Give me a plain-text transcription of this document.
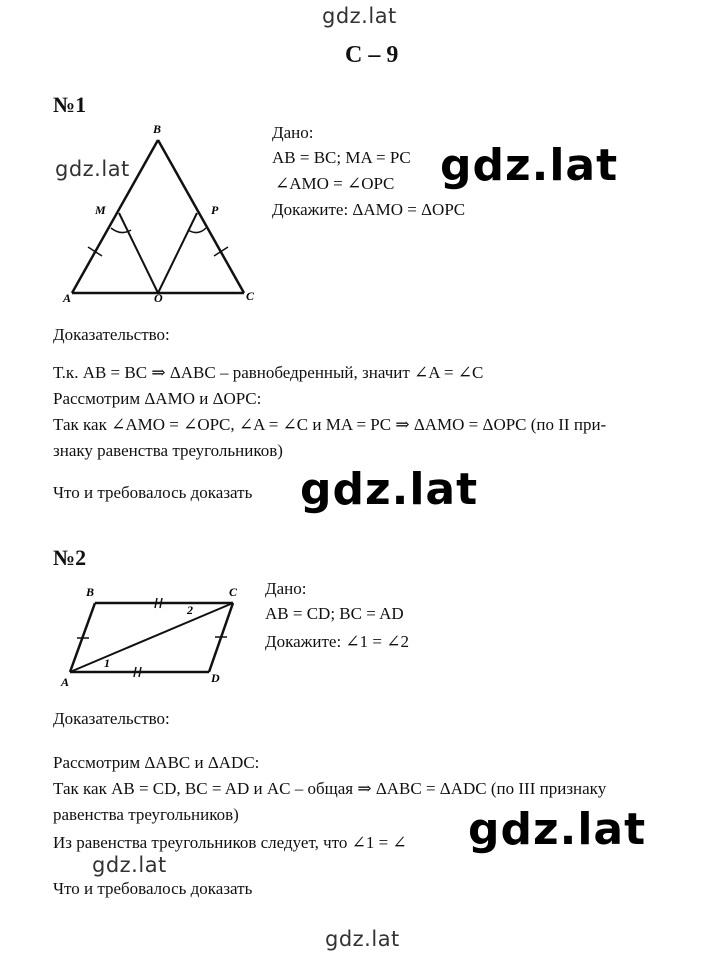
gdz.lat
С – 9
№1
B
M	P
A	O	C
gdz.lat
Дано:
AB = BC; MA = PC
∠AMO = ∠OPC
Докажите: ΔAMO = ΔOPC
gdz.lat
Доказательство:
Т.к. AB = BC ⇒ ΔABC – равнобедренный, значит ∠A = ∠C
Рассмотрим ΔAMO и ΔOPC:
Так как ∠AMO = ∠OPC, ∠A = ∠C и MA = PC ⇒ ΔAMO = ΔOPC (по II при-
знаку равенства треугольников)
Что и требовалось доказать gdz.lat
№2
B	C
A	D
1
2
Дано:
AB = CD; BC = AD
Докажите: ∠1 = ∠2
Доказательство:
Рассмотрим ΔABC и ΔADC:
Так как AB = CD, BC = AD и AC – общая ⇒ ΔABC = ΔADC (по III признаку
равенства треугольников)
Из равенства треугольников следует, что ∠1 = ∠ gdz.lat
gdz.lat
Что и требовалось доказать
gdz.lat
